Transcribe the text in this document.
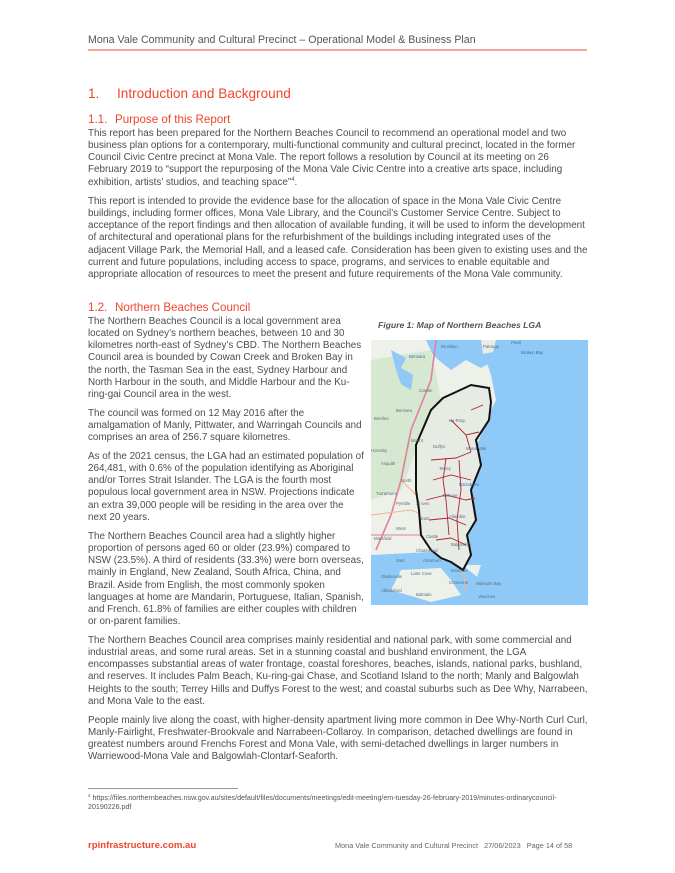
Mona Vale Community and Cultural Precinct – Operational Model & Business Plan
1. Introduction and Background
1.1. Purpose of this Report

This report has been prepared for the Northern Beaches Council to recommend an operational model and two business plan options for a contemporary, multi-functional community and cultural precinct, located in the former Council Civic Centre precinct at Mona Vale. The report follows a resolution by Council at its meeting on 26 February 2019 to “support the repurposing of the Mona Vale Civic Centre into a creative arts space, including exhibition, artists’ studios, and teaching space”$^4$.

This report is intended to provide the evidence base for the allocation of space in the Mona Vale Civic Centre buildings, including former offices, Mona Vale Library, and the Council’s Customer Service Centre. Subject to acceptance of the report findings and then allocation of available funding, it will be used to inform the development of architectural and operational plans for the refurbishment of the buildings including integrated uses of the adjacent Village Park, the Memorial Hall, and a leased cafe. Consideration has been given to existing uses and the current and future populations, including access to space, programs, and services to enable equitable and appropriate allocation of resources to meet the present and future requirements of the Mona Vale community.

1.2. Northern Beaches Council

The Northern Beaches Council is a local government area located on Sydney’s northern beaches, between 10 and 30 kilometres north-east of Sydney’s CBD. The Northern Beaches Council area is bounded by Cowan Creek and Broken Bay in the north, the Tasman Sea in the east, Sydney Harbour and North Harbour in the south, and Middle Harbour and the Ku-ring-gai Council area in the west.

The council was formed on 12 May 2016 after the amalgamation of Manly, Pittwater, and Warringah Councils and comprises an area of 256.7 square kilometres.

As of the 2021 census, the LGA had an estimated population of 264,481, with 0.6% of the population identifying as Aboriginal and/or Torres Strait Islander. The LGA is the fourth most populous local government area in NSW. Projections indicate an extra 39,000 people will be residing in the area over the next 20 years.

The Northern Beaches Council area had a slightly higher proportion of persons aged 60 or older (23.9%) compared to NSW (23.5%). A third of residents (33.3%) were born overseas, mainly in England, New Zealand, South Africa, China, and Brazil. Aside from English, the most commonly spoken languages at home are Mandarin, Portuguese, Italian, Spanish, and French. 61.8% of families are either couples with children or on-parent families.

The Northern Beaches Council area comprises mainly residential and national park, with some commercial and industrial areas, and some rural areas. Set in a stunning coastal and bushland environment, the LGA encompasses substantial areas of water frontage, coastal foreshores, beaches, islands, national parks, bushland, and reserves. It includes Palm Beach, Ku-ring-gai Chase, and Scotland Island to the north; Manly and Balgowlah Heights to the south; Terrey Hills and Duffys Forest to the west; and coastal suburbs such as Dee Why, Narrabeen, and Mona Vale to the east.

People mainly live along the coast, with higher-density apartment living more common in Dee Why-North Curl Curl, Manly-Fairlight, Freshwater-Brookvale and Narrabeen-Collaroy. In comparison, detached dwellings are found in greatest numbers around Frenchs Forest and Mona Vale, with semi-detached dwellings in larger numbers in Warriewood-Mona Vale and Balgowlah-Clontarf-Seaforth.

Figure 1: Map of Northern Beaches LGA
Brooklyn	Patonga
Pearl
Broken Bay
Berowra
Cowan
Berowra
Berrilee	Ku-Ring-
Mount
Hornsby
Duffys
Asquith
Terrey
North
Turramurra	Belrose
Pymble St Ives
East
West
Marsfield	Castle
Chatswood
East	Artarmon
Gladesville
Lane Cove
Mosman
Cremorne
Abbotsford
Balmain
Watsons Bay
Vaucluse
Mona Vale
Narrabeen
Allambie
Balgowlah
$^4$ https://files.northernbeaches.nsw.gov.au/sites/default/files/documents/meetings/edit-meeting/em-tuesday-26-february-2019/minutes-ordinarycouncil-20190226.pdf
rpinfrastructure.com.au	Mona Vale Community and Cultural Precinct 27/06/2023 Page 14 of 58
